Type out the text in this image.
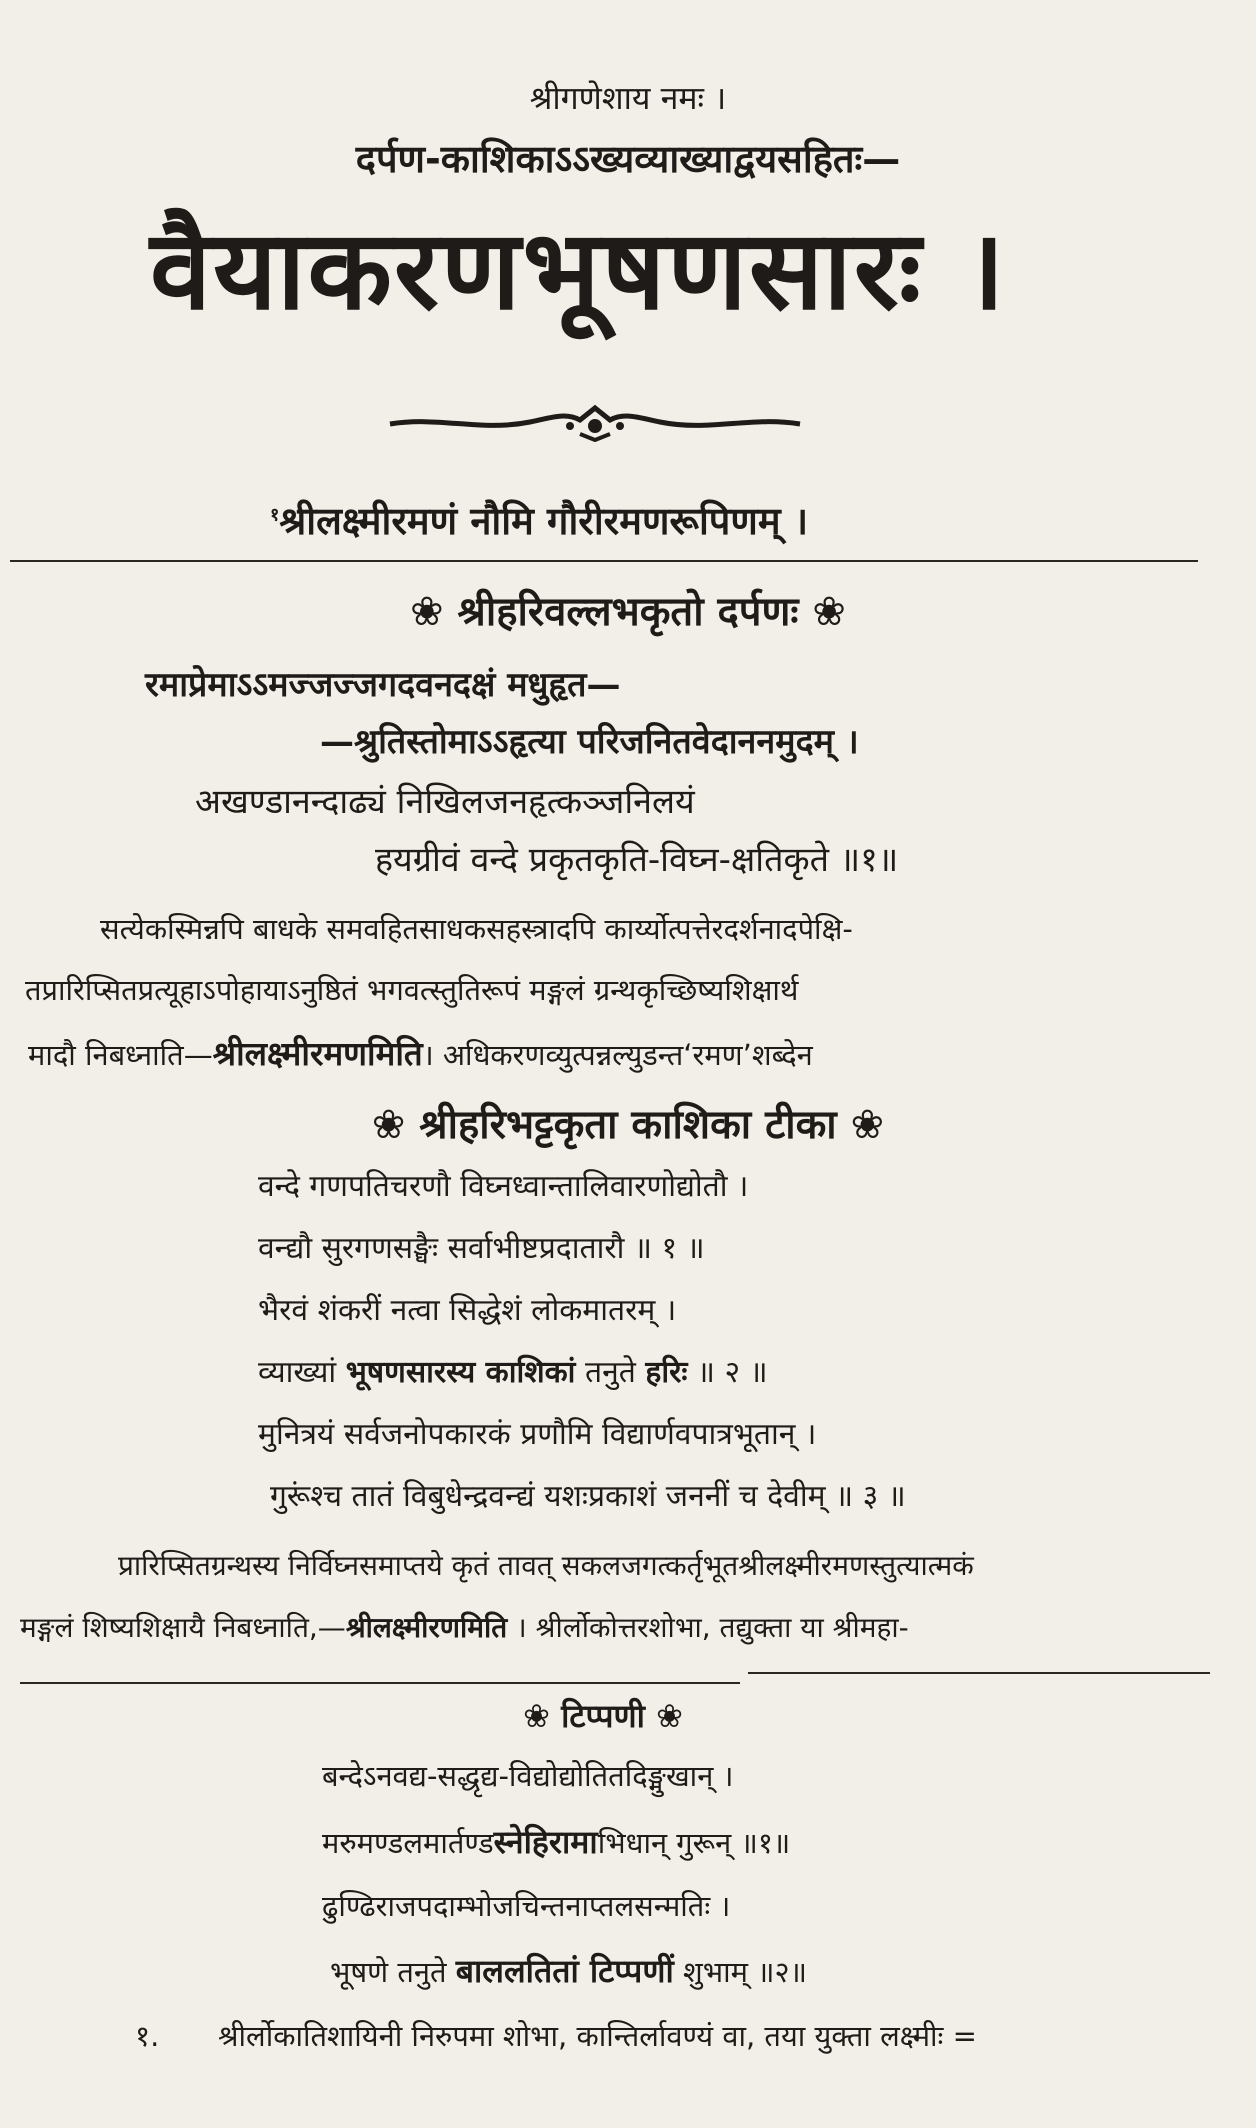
श्रीगणेशाय नमः ।
दर्पण-काशिकाऽऽख्यव्याख्याद्वयसहितः—
वैयाकरणभूषणसारः ।
$^१$श्रीलक्ष्मीरमणं नौमि गौरीरमणरूपिणम् ।
❀ श्रीहरिवल्लभकृतो दर्पणः ❀
रमाप्रेमाऽऽमज्जज्जगदवनदक्षं मधुहृत—
—श्रुतिस्तोमाऽऽहृत्या परिजनितवेदाननमुदम् ।
अखण्डानन्दाढ्यं निखिलजनहृत्कञ्जनिलयं
हयग्रीवं वन्दे प्रकृतकृति-विघ्न-क्षतिकृते ॥१॥
सत्येकस्मिन्नपि बाधके समवहितसाधकसहस्त्रादपि कार्य्योत्पत्तेरदर्शनादपेक्षि-
तप्रारिप्सितप्रत्यूहाऽपोहायाऽनुष्ठितं भगवत्स्तुतिरूपं मङ्गलं ग्रन्थकृच्छिष्यशिक्षार्थ
मादौ निबध्नाति—श्रीलक्ष्मीरमणमिति। अधिकरणव्युत्पन्नल्युडन्त‘रमण’शब्देन
❀ श्रीहरिभट्टकृता काशिका टीका ❀
वन्दे गणपतिचरणौ विघ्नध्वान्तालिवारणोद्योतौ ।
वन्द्यौ सुरगणसङ्घैः सर्वाभीष्टप्रदातारौ ॥ १ ॥
भैरवं शंकरीं नत्वा सिद्धेशं लोकमातरम् ।
व्याख्यां भूषणसारस्य काशिकां तनुते हरिः ॥ २ ॥
मुनित्रयं सर्वजनोपकारकं प्रणौमि विद्यार्णवपात्रभूतान् ।
गुरूंश्च तातं विबुधेन्द्रवन्द्यं यशःप्रकाशं जननीं च देवीम् ॥ ३ ॥
प्रारिप्सितग्रन्थस्य निर्विघ्नसमाप्तये कृतं तावत् सकलजगत्कर्तृभूतश्रीलक्ष्मीरमणस्तुत्यात्मकं
मङ्गलं शिष्यशिक्षायै निबध्नाति,—श्रीलक्ष्मीरणमिति । श्रीर्लोकोत्तरशोभा, तद्युक्ता या श्रीमहा-
❀ टिप्पणी ❀
बन्देऽनवद्य-सद्धृद्य-विद्योद्योतितदिङ्मुखान् ।
मरुमण्डलमार्तण्डस्नेहिरामाभिधान् गुरून् ॥१॥
ढुण्ढिराजपदाम्भोजचिन्तनाप्तलसन्मतिः ।
भूषणे तनुते बाललतितां टिप्पणीं शुभाम् ॥२॥
१. श्रीर्लोकातिशायिनी निरुपमा शोभा, कान्तिर्लावण्यं वा, तया युक्ता लक्ष्मीः =
